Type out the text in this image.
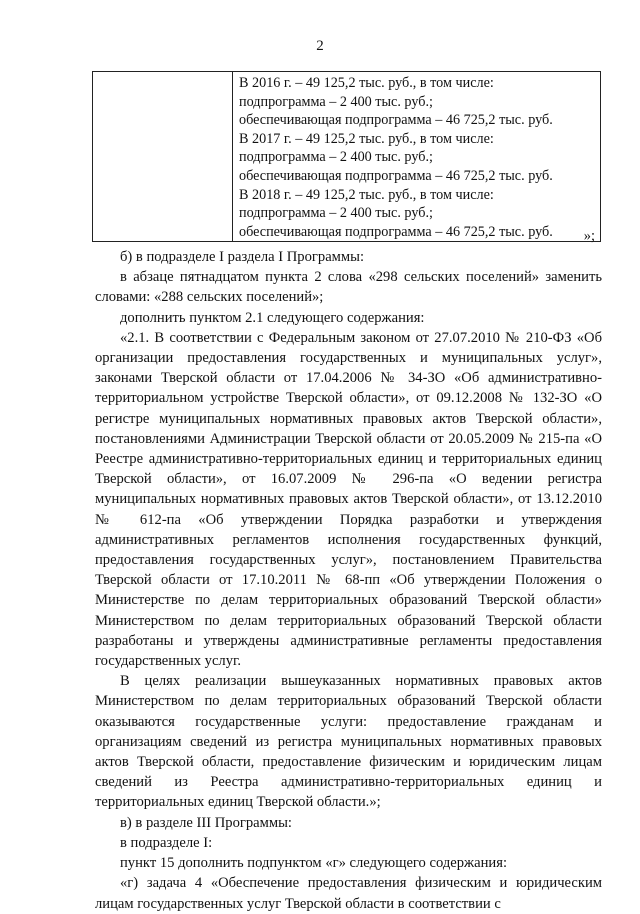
2

В 2016 г. – 49 125,2 тыс. руб., в том числе:
подпрограмма – 2 400 тыс. руб.;
обеспечивающая подпрограмма – 46 725,2 тыс. руб.
В 2017 г. – 49 125,2 тыс. руб., в том числе:
подпрограмма – 2 400 тыс. руб.;
обеспечивающая подпрограмма – 46 725,2 тыс. руб.
В 2018 г. – 49 125,2 тыс. руб., в том числе:
подпрограмма – 2 400 тыс. руб.;
обеспечивающая подпрограмма – 46 725,2 тыс. руб.	»;

б) в подразделе I раздела I Программы:

в абзаце пятнадцатом пункта 2 слова «298 сельских поселений» заменить словами: «288 сельских поселений»;

дополнить пунктом 2.1 следующего содержания:

«2.1. В соответствии с Федеральным законом от 27.07.2010 № 210-ФЗ «Об организации предоставления государственных и муниципальных услуг», законами Тверской области от 17.04.2006 № 34-ЗО «Об административно-территориальном устройстве Тверской области», от 09.12.2008 № 132-ЗО «О регистре муниципальных нормативных правовых актов Тверской области», постановлениями Администрации Тверской области от 20.05.2009 № 215-па «О Реестре административно-территориальных единиц и территориальных единиц Тверской области», от 16.07.2009 № 296-па «О ведении регистра муниципальных нормативных правовых актов Тверской области», от 13.12.2010 № 612-па «Об утверждении Порядка разработки и утверждения административных регламентов исполнения государственных функций, предоставления государственных услуг», постановлением Правительства Тверской области от 17.10.2011 № 68-пп «Об утверждении Положения о Министерстве по делам территориальных образований Тверской области» Министерством по делам территориальных образований Тверской области разработаны и утверждены административные регламенты предоставления государственных услуг.

В целях реализации вышеуказанных нормативных правовых актов Министерством по делам территориальных образований Тверской области оказываются государственные услуги: предоставление гражданам и организациям сведений из регистра муниципальных нормативных правовых актов Тверской области, предоставление физическим и юридическим лицам сведений из Реестра административно-территориальных единиц и территориальных единиц Тверской области.»;

в) в разделе III Программы:

в подразделе I:

пункт 15 дополнить подпунктом «г» следующего содержания:

«г) задача 4 «Обеспечение предоставления физическим и юридическим лицам государственных услуг Тверской области в соответствии с
